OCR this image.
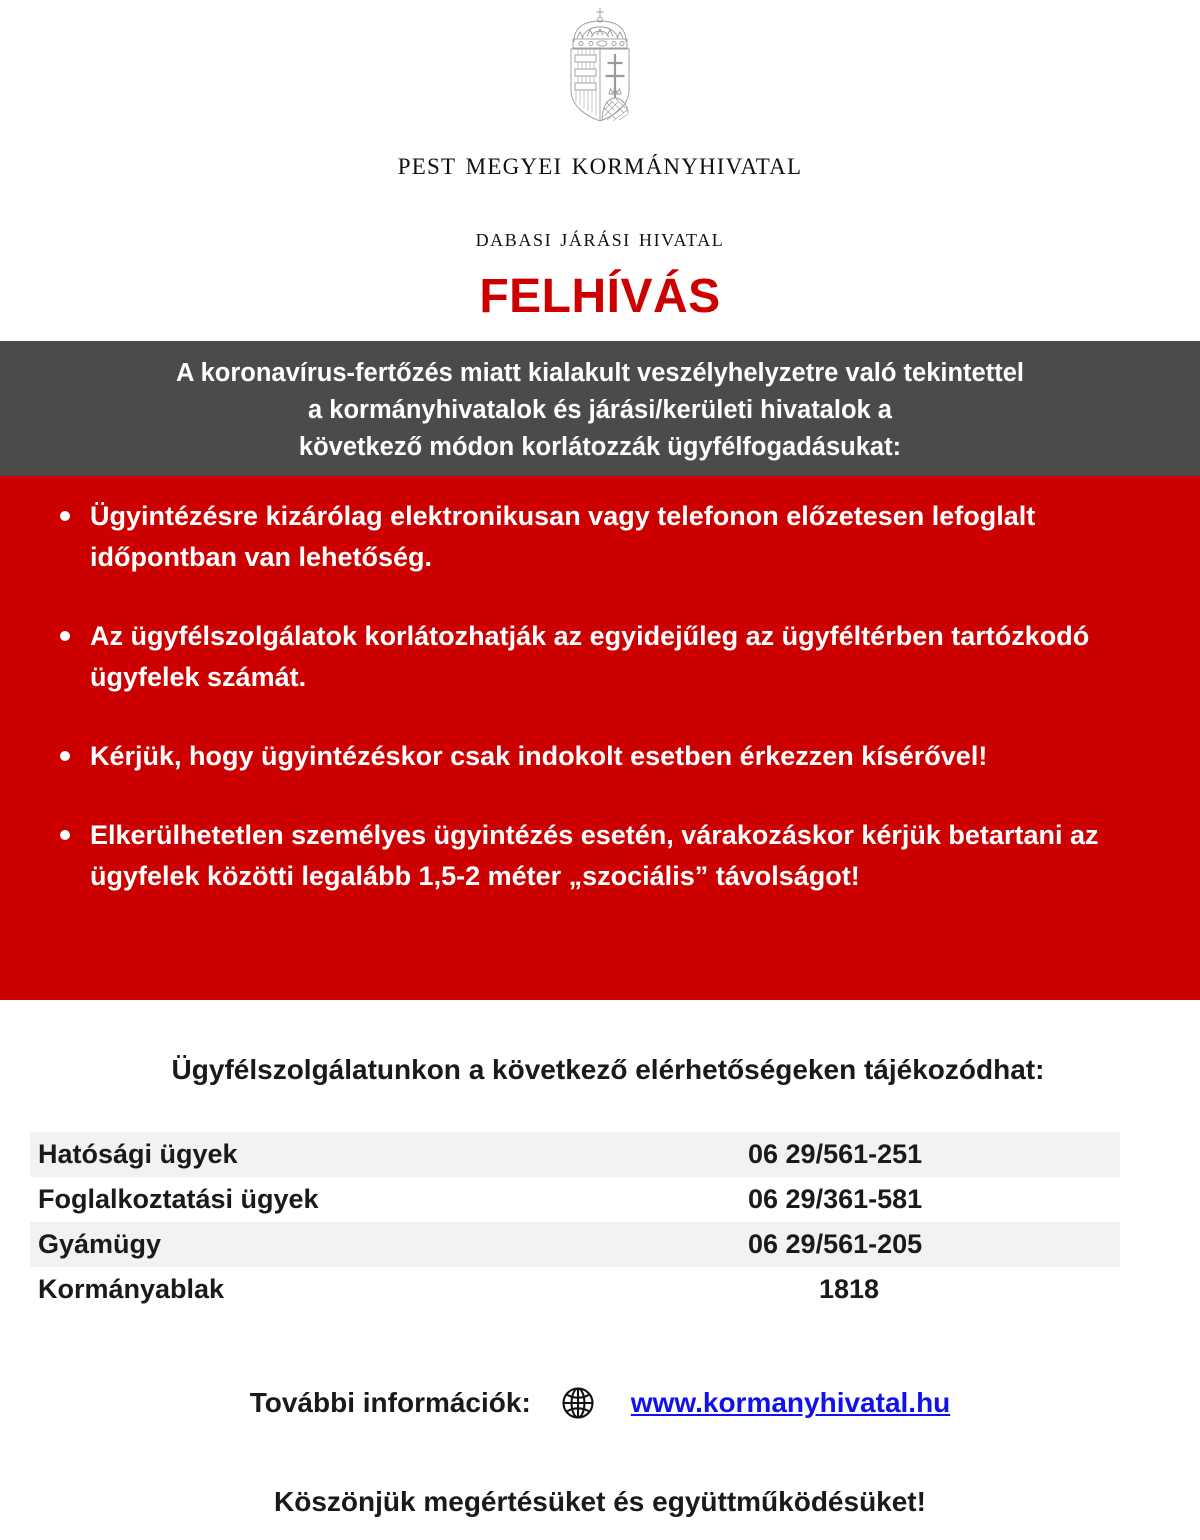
pest megyei kormányhivatal
dabasi járási hivatal
FELHÍVÁS
A koronavírus-fertőzés miatt kialakult veszélyhelyzetre való tekintettel
a kormányhivatalok és járási/kerületi hivatalok a
következő módon korlátozzák ügyfélfogadásukat:
Ügyintézésre kizárólag elektronikusan vagy telefonon előzetesen lefoglalt időpontban van lehetőség.
Az ügyfélszolgálatok korlátozhatják az egyidejűleg az ügyféltérben tartózkodó ügyfelek számát.
Kérjük, hogy ügyintézéskor csak indokolt esetben érkezzen kísérővel!
Elkerülhetetlen személyes ügyintézés esetén, várakozáskor kérjük betartani az ügyfelek közötti legalább 1,5-2 méter „szociális” távolságot!
Ügyfélszolgálatunkon a következő elérhetőségeken tájékozódhat:
Hatósági ügyek	06 29/561-251
Foglalkoztatási ügyek	06 29/361-581
Gyámügy	06 29/561-205
Kormányablak	1818
További információk:	www.kormanyhivatal.hu
Köszönjük megértésüket és együttműködésüket!
